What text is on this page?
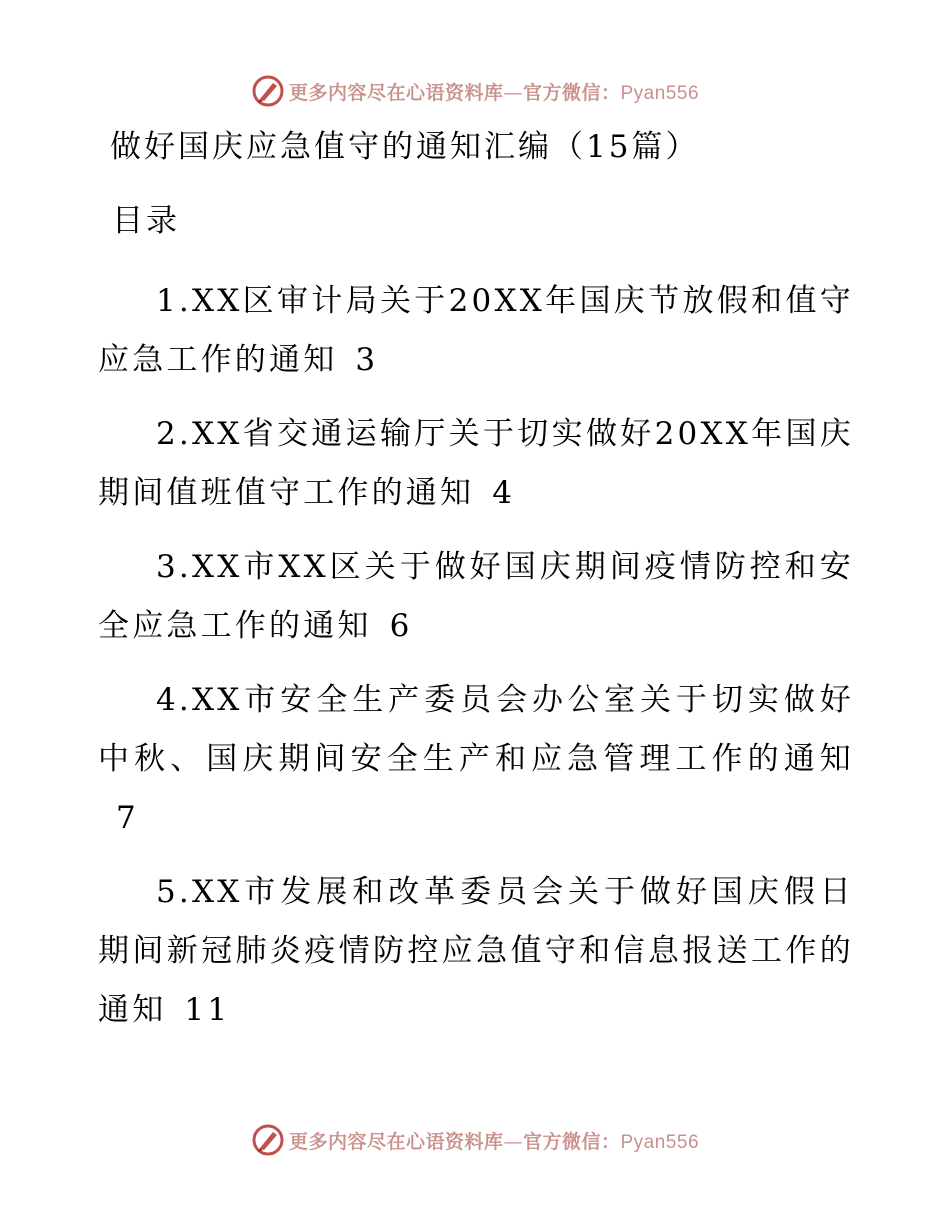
更多内容尽在心语资料库—官方微信：Pyan556
做好国庆应急值守的通知汇编（15篇）
目录
1.XX区审计局关于20XX年国庆节放假和值守应急工作的通知 3
2.XX省交通运输厅关于切实做好20XX年国庆期间值班值守工作的通知 4
3.XX市XX区关于做好国庆期间疫情防控和安全应急工作的通知 6
4.XX市安全生产委员会办公室关于切实做好中秋、国庆期间安全生产和应急管理工作的通知7
5.XX市发展和改革委员会关于做好国庆假日期间新冠肺炎疫情防控应急值守和信息报送工作的通知 11
更多内容尽在心语资料库—官方微信：Pyan556
